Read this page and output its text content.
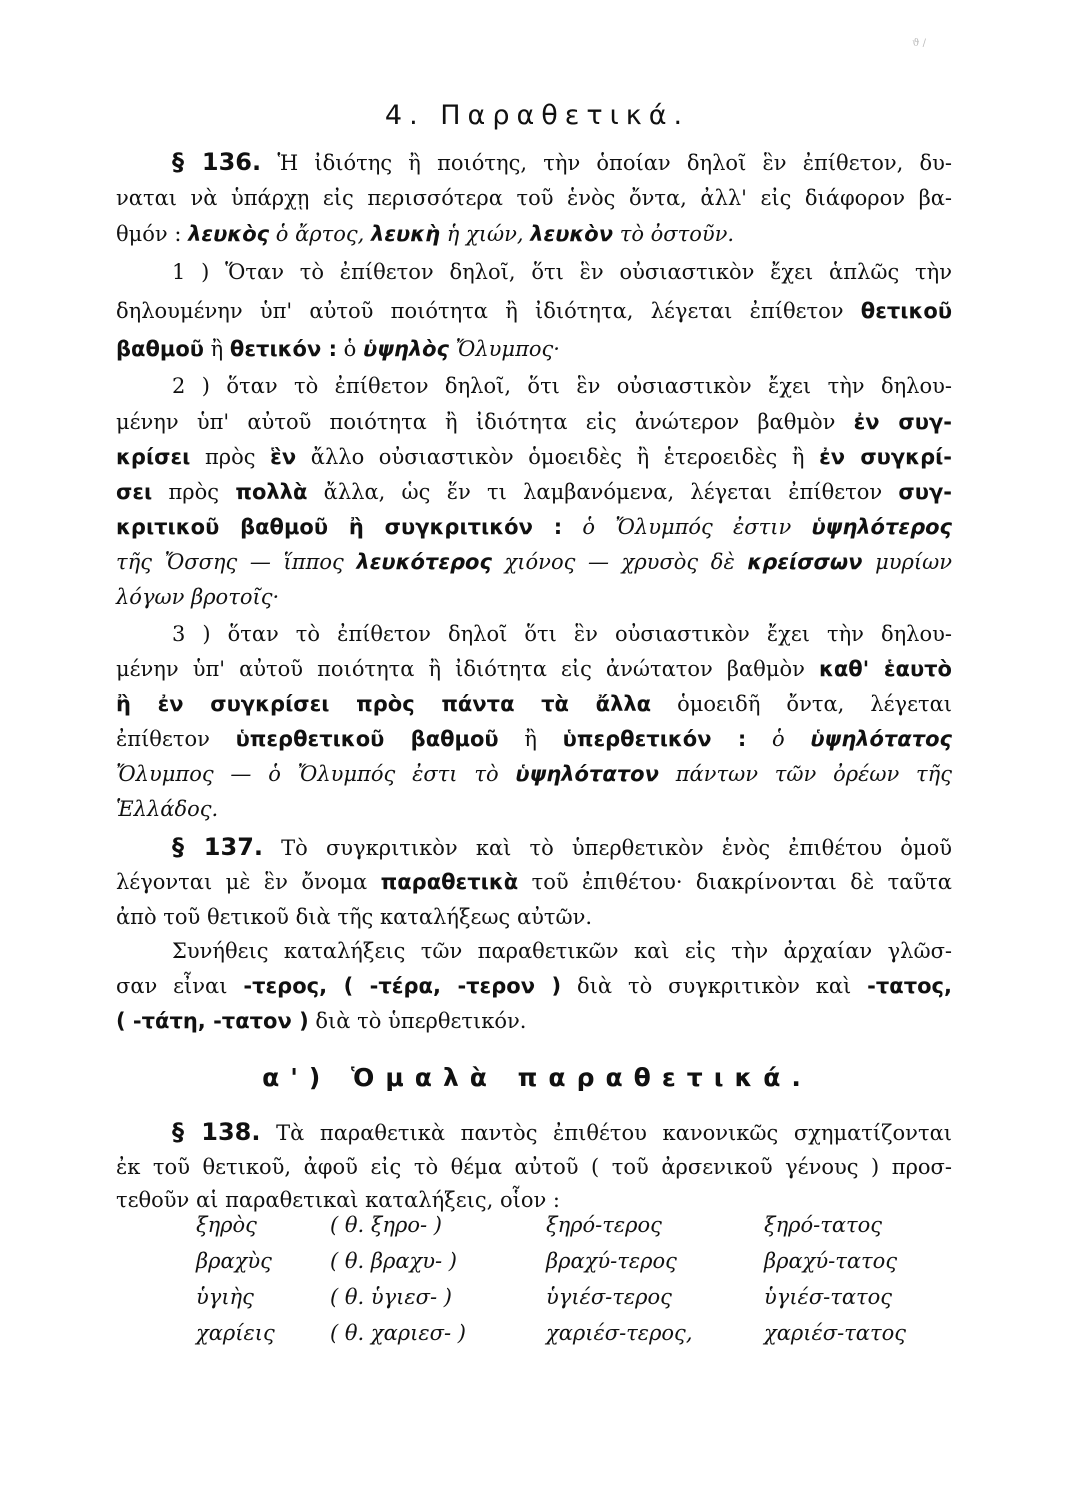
ϑ /
4. Παραθετικά.
§ 136. Ἡ ἰδιότης ἢ ποιότης, τὴν ὁποίαν δηλοῖ ἓν ἐπίθετον, δυ-
ναται νὰ ὑπάρχῃ εἰς περισσότερα τοῦ ἑνὸς ὄντα, ἀλλ' εἰς διάφορον βα-
θμόν : λευκὸς ὁ ἄρτος, λευκὴ ἡ χιών, λευκὸν τὸ ὀστοῦν.
1 ) Ὅταν τὸ ἐπίθετον δηλοῖ, ὅτι ἓν οὐσιαστικὸν ἔχει ἁπλῶς τὴν
δηλουμένην ὑπ' αὐτοῦ ποιότητα ἢ ἰδιότητα, λέγεται ἐπίθετον θετικοῦ
βαθμοῦ ἢ θετικόν : ὁ ὑψηλὸς Ὄλυμπος·
2 ) ὅταν τὸ ἐπίθετον δηλοῖ, ὅτι ἓν οὐσιαστικὸν ἔχει τὴν δηλου-
μένην ὑπ' αὐτοῦ ποιότητα ἢ ἰδιότητα εἰς ἀνώτερον βαθμὸν ἐν συγ-
κρίσει πρὸς ἓν ἄλλο οὐσιαστικὸν ὁμοειδὲς ἢ ἑτεροειδὲς ἢ ἐν συγκρί-
σει πρὸς πολλὰ ἄλλα, ὡς ἕν τι λαμβανόμενα, λέγεται ἐπίθετον συγ-
κριτικοῦ βαθμοῦ ἢ συγκριτικόν : ὁ Ὄλυμπός ἐστιν ὑψηλότερος
τῆς Ὄσσης — ἵππος λευκότερος χιόνος — χρυσὸς δὲ κρείσσων μυρίων
λόγων βροτοῖς·
3 ) ὅταν τὸ ἐπίθετον δηλοῖ ὅτι ἓν οὐσιαστικὸν ἔχει τὴν δηλου-
μένην ὑπ' αὐτοῦ ποιότητα ἢ ἰδιότητα εἰς ἀνώτατον βαθμὸν καθ' ἑαυτὸ
ἢ ἐν συγκρίσει πρὸς πάντα τὰ ἄλλα ὁμοειδῆ ὄντα, λέγεται
ἐπίθετον ὑπερθετικοῦ βαθμοῦ ἢ ὑπερθετικόν : ὁ ὑψηλότατος
Ὄλυμπος — ὁ Ὄλυμπός ἐστι τὸ ὑψηλότατον πάντων τῶν ὀρέων τῆς
Ἑλλάδος.
§ 137. Τὸ συγκριτικὸν καὶ τὸ ὑπερθετικὸν ἑνὸς ἐπιθέτου ὁμοῦ
λέγονται μὲ ἓν ὄνομα παραθετικὰ τοῦ ἐπιθέτου· διακρίνονται δὲ ταῦτα
ἀπὸ τοῦ θετικοῦ διὰ τῆς καταλήξεως αὐτῶν.
Συνήθεις καταλήξεις τῶν παραθετικῶν καὶ εἰς τὴν ἀρχαίαν γλῶσ-
σαν εἶναι -τερος, ( -τέρα, -τερον ) διὰ τὸ συγκριτικὸν καὶ -τατος,
( -τάτη, -τατον ) διὰ τὸ ὑπερθετικόν.
α') Ὁμαλὰ παραθετικά.
§ 138. Τὰ παραθετικὰ παντὸς ἐπιθέτου κανονικῶς σχηματίζονται
ἐκ τοῦ θετικοῦ, ἀφοῦ εἰς τὸ θέμα αὐτοῦ ( τοῦ ἀρσενικοῦ γένους ) προσ-
τεθοῦν αἱ παραθετικαὶ καταλήξεις, οἷον :
ξηρὸς	( θ. ξηρο- )	ξηρό-τερος	ξηρό-τατος
βραχὺς	( θ. βραχυ- )	βραχύ-τερος	βραχύ-τατος
ὑγιὴς	( θ. ὑγιεσ- )	ὑγιέσ-τερος	ὑγιέσ-τατος
χαρίεις	( θ. χαριεσ- )	χαριέσ-τερος,	χαριέσ-τατος
